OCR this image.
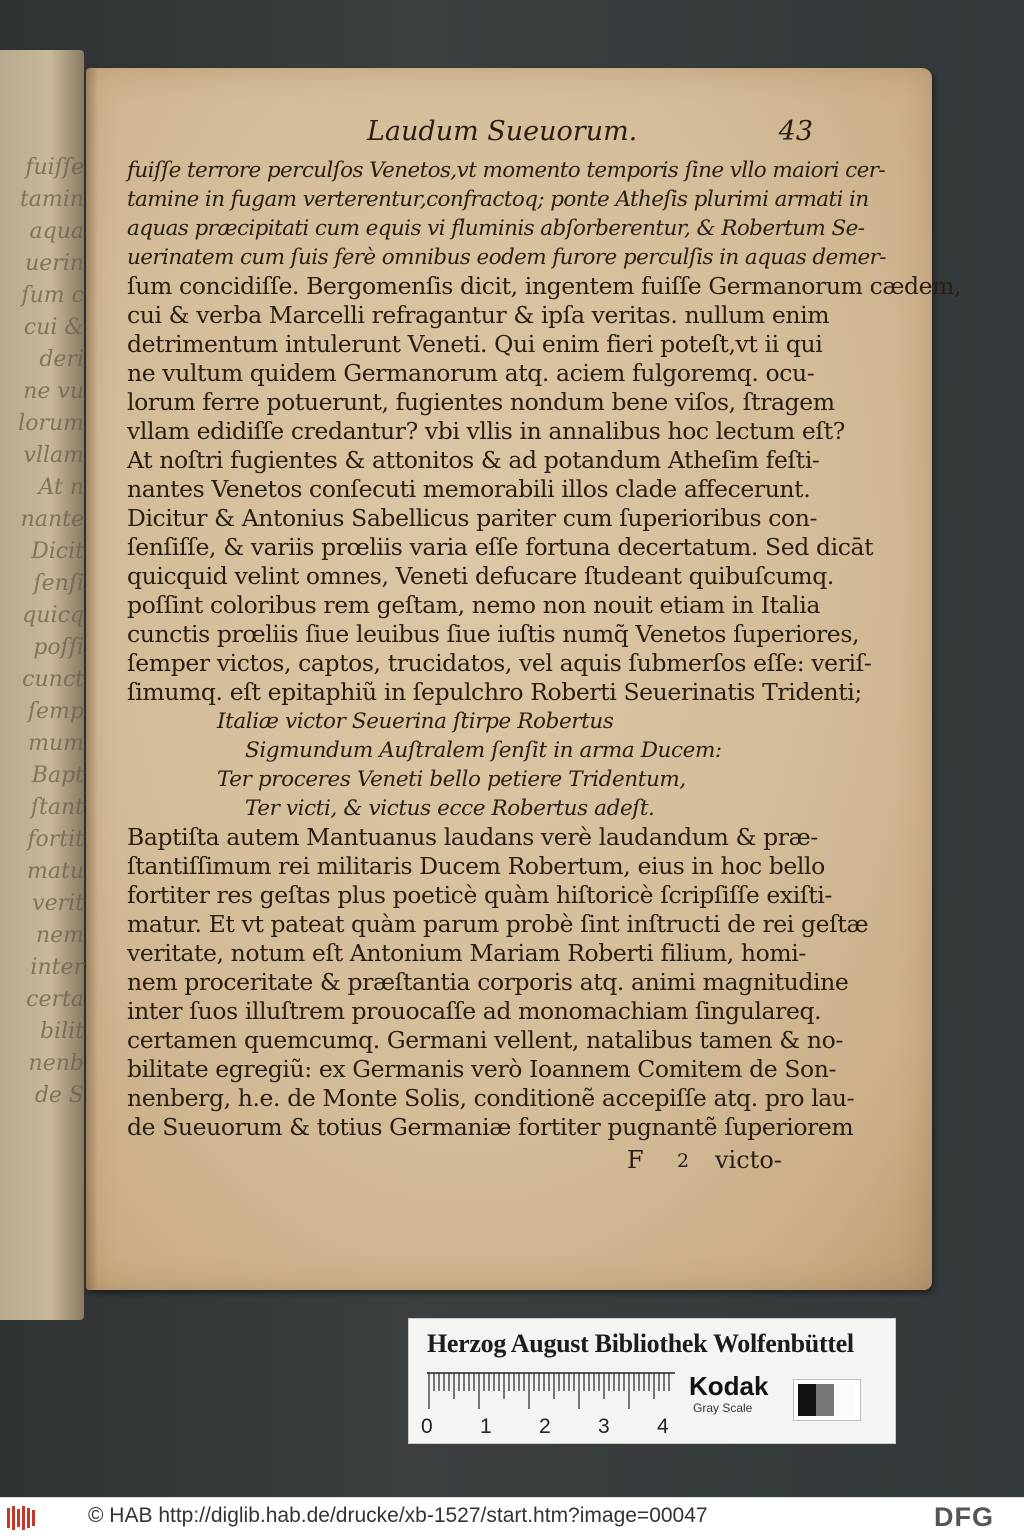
fuiſſe
tamin
aqua
uerin
ſum c
cui &
deri
ne vu
lorum
vllam
At n
nante
Dicit
ſenſi
quicq
poſſi
cunct
ſemp
mum
Bapt
ſtant
fortit
matu
verit
nem
inter
certa
bilit
nenb
de S
Laudum Sueuorum.	43
fuiſſe terrore perculſos Venetos,vt momento temporis ſine vllo maiori cer-
tamine in fugam verterentur,confractoq; ponte Atheſis plurimi armati in
aquas præcipitati cum equis vi fluminis abſorberentur, & Robertum Se-
uerinatem cum ſuis ferè omnibus eodem furore perculſis in aquas demer-
ſum concidiſſe. Bergomenſis dicit, ingentem fuiſſe Germanorum cædem,
cui & verba Marcelli refragantur & ipſa veritas. nullum enim
detrimentum intulerunt Veneti. Qui enim fieri poteſt,vt ii qui
ne vultum quidem Germanorum atq. aciem fulgoremq. ocu-
lorum ferre potuerunt, fugientes nondum bene viſos, ſtragem
vllam edidiſſe credantur? vbi vllis in annalibus hoc lectum eſt?
At noſtri fugientes & attonitos & ad potandum Atheſim feſti-
nantes Venetos conſecuti memorabili illos clade affecerunt.
Dicitur & Antonius Sabellicus pariter cum ſuperioribus con-
ſenſiſſe, & variis prœliis varia eſſe fortuna decertatum. Sed dicāt
quicquid velint omnes, Veneti defucare ſtudeant quibuſcumq.
poſſint coloribus rem geſtam, nemo non nouit etiam in Italia
cunctis prœliis ſiue leuibus ſiue iuſtis numq̃ Venetos ſuperiores,
ſemper victos, captos, trucidatos, vel aquis ſubmerſos eſſe: veriſ-
ſimumq. eſt epitaphiũ in ſepulchro Roberti Seuerinatis Tridenti;
Italiæ victor Seuerina ſtirpe Robertus
Sigmundum Auſtralem ſenſit in arma Ducem:
Ter proceres Veneti bello petiere Tridentum,
Ter victi, & victus ecce Robertus adeſt.
Baptiſta autem Mantuanus laudans verè laudandum & præ-
ſtantiſſimum rei militaris Ducem Robertum, eius in hoc bello
fortiter res geſtas plus poeticè quàm hiſtoricè ſcripſiſſe exiſti-
matur. Et vt pateat quàm parum probè ſint inſtructi de rei geſtæ
veritate, notum eſt Antonium Mariam Roberti filium, homi-
nem proceritate & præſtantia corporis atq. animi magnitudine
inter ſuos illuſtrem prouocaſſe ad monomachiam ſingulareq.
certamen quemcumq. Germani vellent, natalibus tamen & no-
bilitate egregiũ: ex Germanis verò Ioannem Comitem de Son-
nenberg, h.e. de Monte Solis, conditionẽ accepiſſe atq. pro lau-
de Sueuorum & totius Germaniæ fortiter pugnantẽ ſuperiorem
F 2 victo-
Herzog August Bibliothek Wolfenbüttel
0 1 2 3 4
Kodak
Gray Scale
© HAB http://diglib.hab.de/drucke/xb-1527/start.htm?image=00047	DFG
